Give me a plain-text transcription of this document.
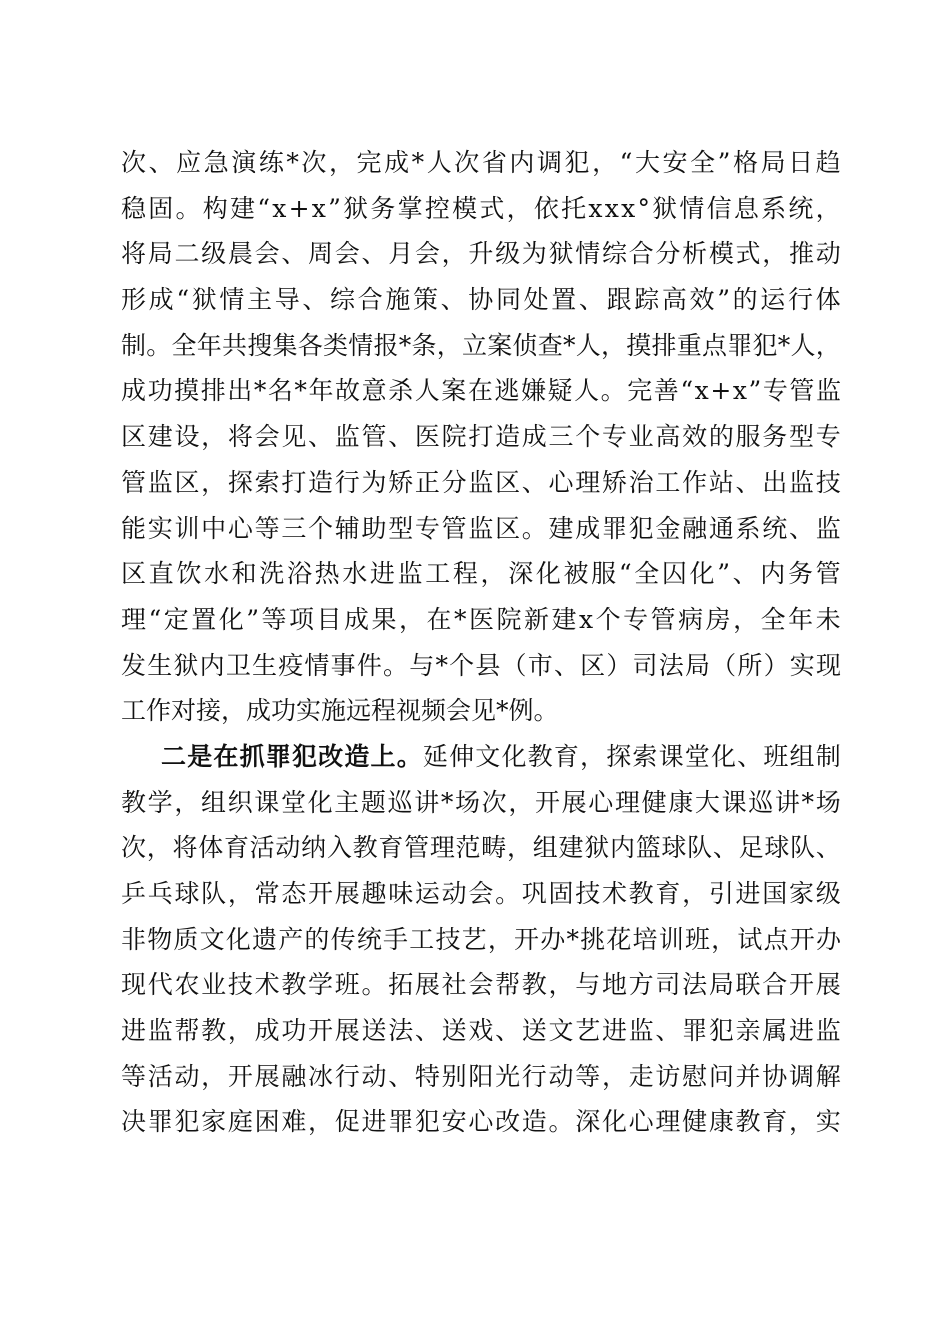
次 、 应 急 演 练 * 次 ， 完 成 * 人 次 省 内 调 犯 ， “ 大 安 全 ” 格 局 日 趋
稳 固 。 构 建 “ x + x ” 狱 务 掌 控 模 式 ， 依 托 x x x ° 狱 情 信 息 系 统 ，
将 局 二 级 晨 会 、 周 会 、 月 会 ， 升 级 为 狱 情 综 合 分 析 模 式 ， 推 动
形 成 “ 狱 情 主 导 、 综 合 施 策 、 协 同 处 置 、 跟 踪 高 效 ” 的 运 行 体
制 。 全 年 共 搜 集 各 类 情 报 * 条 ， 立 案 侦 查 * 人 ， 摸 排 重 点 罪 犯 * 人 ，
成 功 摸 排 出 * 名 * 年 故 意 杀 人 案 在 逃 嫌 疑 人 。 完 善 “ x + x ” 专 管 监
区 建 设 ， 将 会 见 、 监 管 、 医 院 打 造 成 三 个 专 业 高 效 的 服 务 型 专
管 监 区 ， 探 索 打 造 行 为 矫 正 分 监 区 、 心 理 矫 治 工 作 站 、 出 监 技
能 实 训 中 心 等 三 个 辅 助 型 专 管 监 区 。 建 成 罪 犯 金 融 通 系 统 、 监
区 直 饮 水 和 洗 浴 热 水 进 监 工 程 ， 深 化 被 服 “ 全 囚 化 ” 、 内 务 管
理 “ 定 置 化 ” 等 项 目 成 果 ， 在 * 医 院 新 建 x 个 专 管 病 房 ， 全 年 未
发 生 狱 内 卫 生 疫 情 事 件 。 与 * 个 县 （ 市 、 区 ） 司 法 局 （ 所 ） 实 现
工作对接，成功实施远程视频会见*例。
二 是 在 抓 罪 犯 改 造 上 。 延 伸 文 化 教 育 ， 探 索 课 堂 化 、 班 组 制
教 学 ， 组 织 课 堂 化 主 题 巡 讲 * 场 次 ， 开 展 心 理 健 康 大 课 巡 讲 * 场
次 ， 将 体 育 活 动 纳 入 教 育 管 理 范 畴 ， 组 建 狱 内 篮 球 队 、 足 球 队 、
乒 乓 球 队 ， 常 态 开 展 趣 味 运 动 会 。 巩 固 技 术 教 育 ， 引 进 国 家 级
非 物 质 文 化 遗 产 的 传 统 手 工 技 艺 ， 开 办 * 挑 花 培 训 班 ， 试 点 开 办
现 代 农 业 技 术 教 学 班 。 拓 展 社 会 帮 教 ， 与 地 方 司 法 局 联 合 开 展
进 监 帮 教 ， 成 功 开 展 送 法 、 送 戏 、 送 文 艺 进 监 、 罪 犯 亲 属 进 监
等 活 动 ， 开 展 融 冰 行 动 、 特 别 阳 光 行 动 等 ， 走 访 慰 问 并 协 调 解
决 罪 犯 家 庭 困 难 ， 促 进 罪 犯 安 心 改 造 。 深 化 心 理 健 康 教 育 ， 实
